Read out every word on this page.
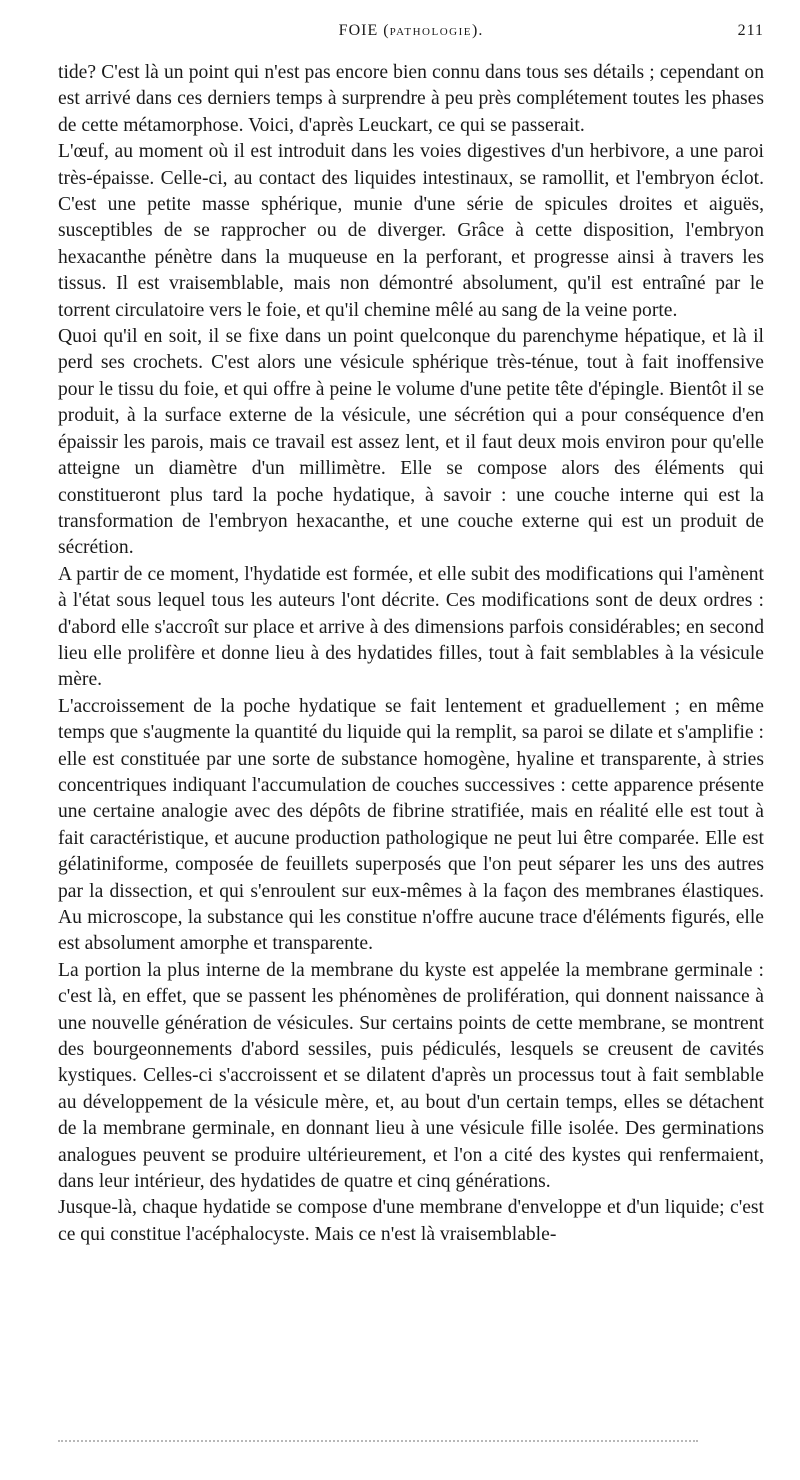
FOIE (PATHOLOGIE).	211

tide? C'est là un point qui n'est pas encore bien connu dans tous ses détails ; cependant on est arrivé dans ces derniers temps à surprendre à peu près complétement toutes les phases de cette métamorphose. Voici, d'après Leuckart, ce qui se passerait.

L'œuf, au moment où il est introduit dans les voies digestives d'un herbivore, a une paroi très-épaisse. Celle-ci, au contact des liquides intestinaux, se ramollit, et l'embryon éclot. C'est une petite masse sphérique, munie d'une série de spicules droites et aiguës, susceptibles de se rapprocher ou de diverger. Grâce à cette disposition, l'embryon hexacanthe pénètre dans la muqueuse en la perforant, et progresse ainsi à travers les tissus. Il est vraisemblable, mais non démontré absolument, qu'il est entraîné par le torrent circulatoire vers le foie, et qu'il chemine mêlé au sang de la veine porte.

Quoi qu'il en soit, il se fixe dans un point quelconque du parenchyme hépatique, et là il perd ses crochets. C'est alors une vésicule sphérique très-ténue, tout à fait inoffensive pour le tissu du foie, et qui offre à peine le volume d'une petite tête d'épingle. Bientôt il se produit, à la surface externe de la vésicule, une sécrétion qui a pour conséquence d'en épaissir les parois, mais ce travail est assez lent, et il faut deux mois environ pour qu'elle atteigne un diamètre d'un millimètre. Elle se compose alors des éléments qui constitueront plus tard la poche hydatique, à savoir : une couche interne qui est la transformation de l'embryon hexacanthe, et une couche externe qui est un produit de sécrétion.

A partir de ce moment, l'hydatide est formée, et elle subit des modifications qui l'amènent à l'état sous lequel tous les auteurs l'ont décrite. Ces modifications sont de deux ordres : d'abord elle s'accroît sur place et arrive à des dimensions parfois considérables; en second lieu elle prolifère et donne lieu à des hydatides filles, tout à fait semblables à la vésicule mère.

L'accroissement de la poche hydatique se fait lentement et graduellement ; en même temps que s'augmente la quantité du liquide qui la remplit, sa paroi se dilate et s'amplifie : elle est constituée par une sorte de substance homogène, hyaline et transparente, à stries concentriques indiquant l'accumulation de couches successives : cette apparence présente une certaine analogie avec des dépôts de fibrine stratifiée, mais en réalité elle est tout à fait caractéristique, et aucune production pathologique ne peut lui être comparée. Elle est gélatiniforme, composée de feuillets superposés que l'on peut séparer les uns des autres par la dissection, et qui s'enroulent sur eux-mêmes à la façon des membranes élastiques. Au microscope, la substance qui les constitue n'offre aucune trace d'éléments figurés, elle est absolument amorphe et transparente.

La portion la plus interne de la membrane du kyste est appelée la membrane germinale : c'est là, en effet, que se passent les phénomènes de prolifération, qui donnent naissance à une nouvelle génération de vésicules. Sur certains points de cette membrane, se montrent des bourgeonnements d'abord sessiles, puis pédiculés, lesquels se creusent de cavités kystiques. Celles-ci s'accroissent et se dilatent d'après un processus tout à fait semblable au développement de la vésicule mère, et, au bout d'un certain temps, elles se détachent de la membrane germinale, en donnant lieu à une vésicule fille isolée. Des germinations analogues peuvent se produire ultérieurement, et l'on a cité des kystes qui renfermaient, dans leur intérieur, des hydatides de quatre et cinq générations.

Jusque-là, chaque hydatide se compose d'une membrane d'enveloppe et d'un liquide; c'est ce qui constitue l'acéphalocyste. Mais ce n'est là vraisemblable-
